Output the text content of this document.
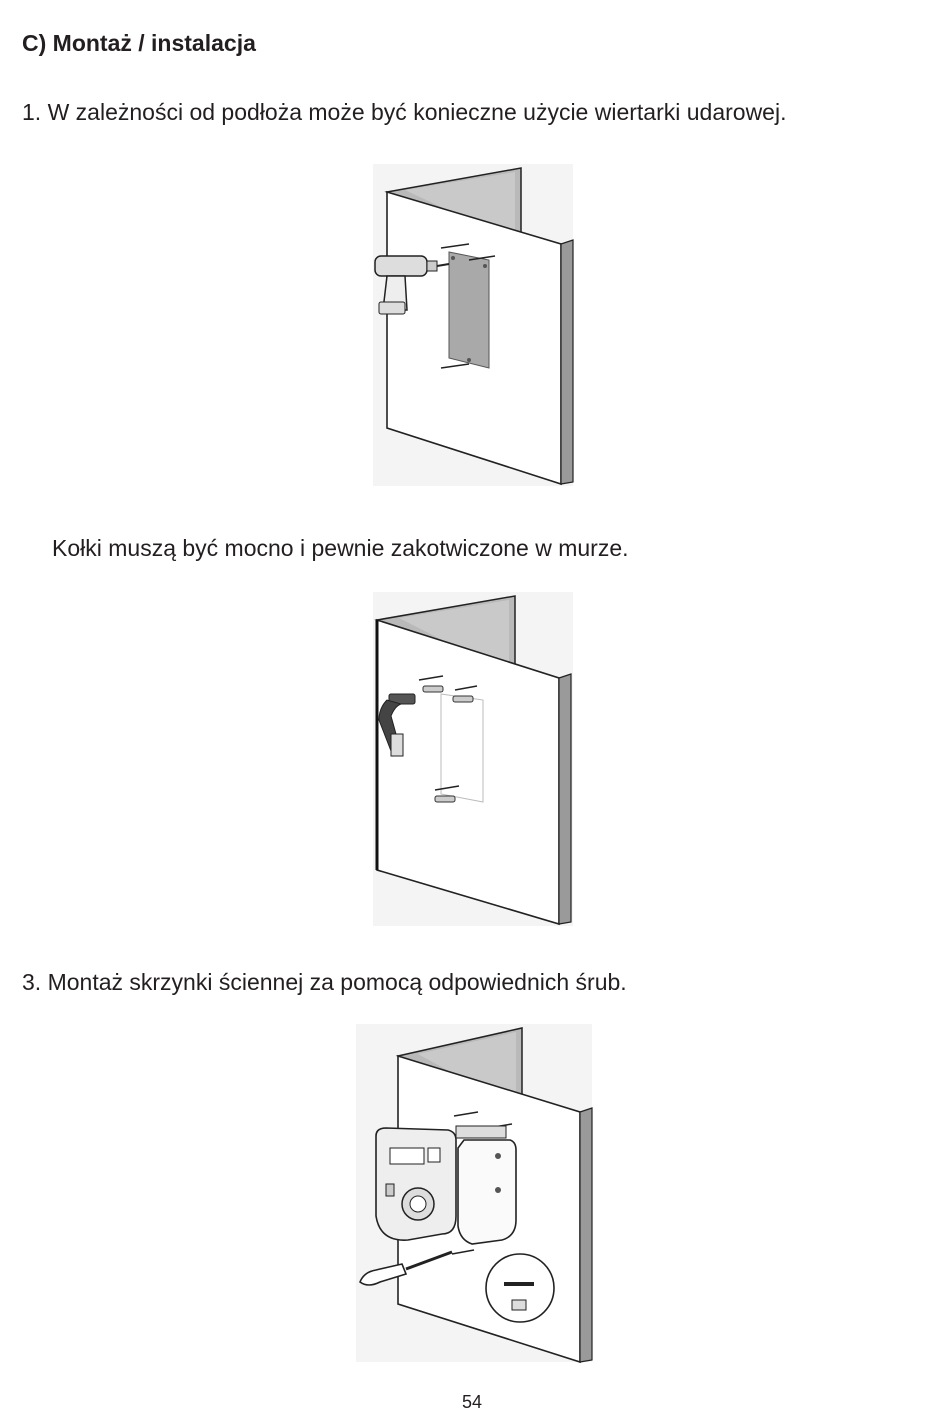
C) Montaż / instalacja

1. W zależności od podłoża może być konieczne użycie wiertarki udarowej.

Kołki muszą być mocno i pewnie zakotwiczone w murze.

3. Montaż skrzynki ściennej za pomocą odpowiednich śrub.

54
